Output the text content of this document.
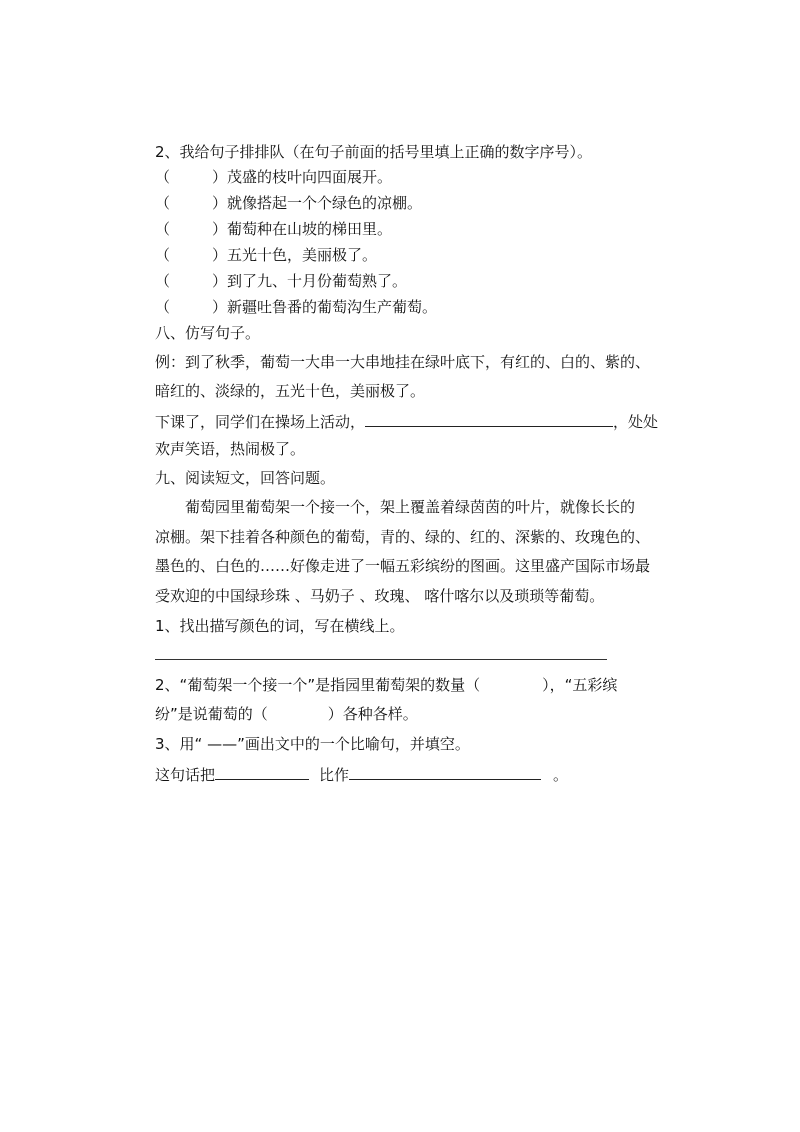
2、我给句子排排队（在句子前面的括号里填上正确的数字序号）。
（	）茂盛的枝叶向四面展开。
（	）就像搭起一个个绿色的凉棚。
（	）葡萄种在山坡的梯田里。
（	）五光十色，美丽极了。
（	）到了九、十月份葡萄熟了。
（	）新疆吐鲁番的葡萄沟生产葡萄。
八、仿写句子。
例：到了秋季，葡萄一大串一大串地挂在绿叶底下，有红的、白的、紫的、
暗红的、淡绿的，五光十色，美丽极了。
下课了，同学们在操场上活动，	，处处
欢声笑语，热闹极了。
九、阅读短文，回答问题。
葡萄园里葡萄架一个接一个，架上覆盖着绿茵茵的叶片，就像长长的
凉棚。架下挂着各种颜色的葡萄，青的、绿的、红的、深紫的、玫瑰色的、
墨色的、白色的……好像走进了一幅五彩缤纷的图画。这里盛产国际市场最
受欢迎的中国绿珍珠 、马奶子 、玫瑰、 喀什喀尔以及琐琐等葡萄。
1、找出描写颜色的词，写在横线上。
2、“葡萄架一个接一个”是指园里葡萄架的数量（	），“五彩缤
纷”是说葡萄的（	）各种各样。
3、用“ ——”画出文中的一个比喻句，并填空。
这句话把	比作	。
